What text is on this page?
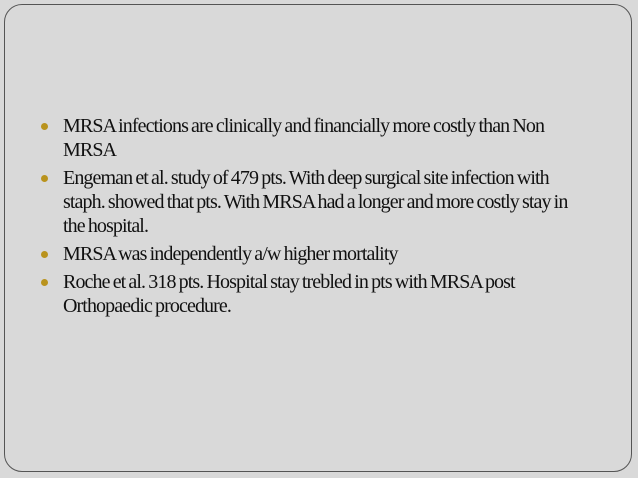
MRSA infections are clinically and financially more costly than Non MRSA
Engeman et al. study of 479 pts. With deep surgical site infection with staph. showed that pts. With MRSA had a longer and more costly stay in the hospital.
MRSA was independently a/w higher mortality
Roche et al. 318 pts. Hospital stay trebled in pts with MRSA post Orthopaedic procedure.
